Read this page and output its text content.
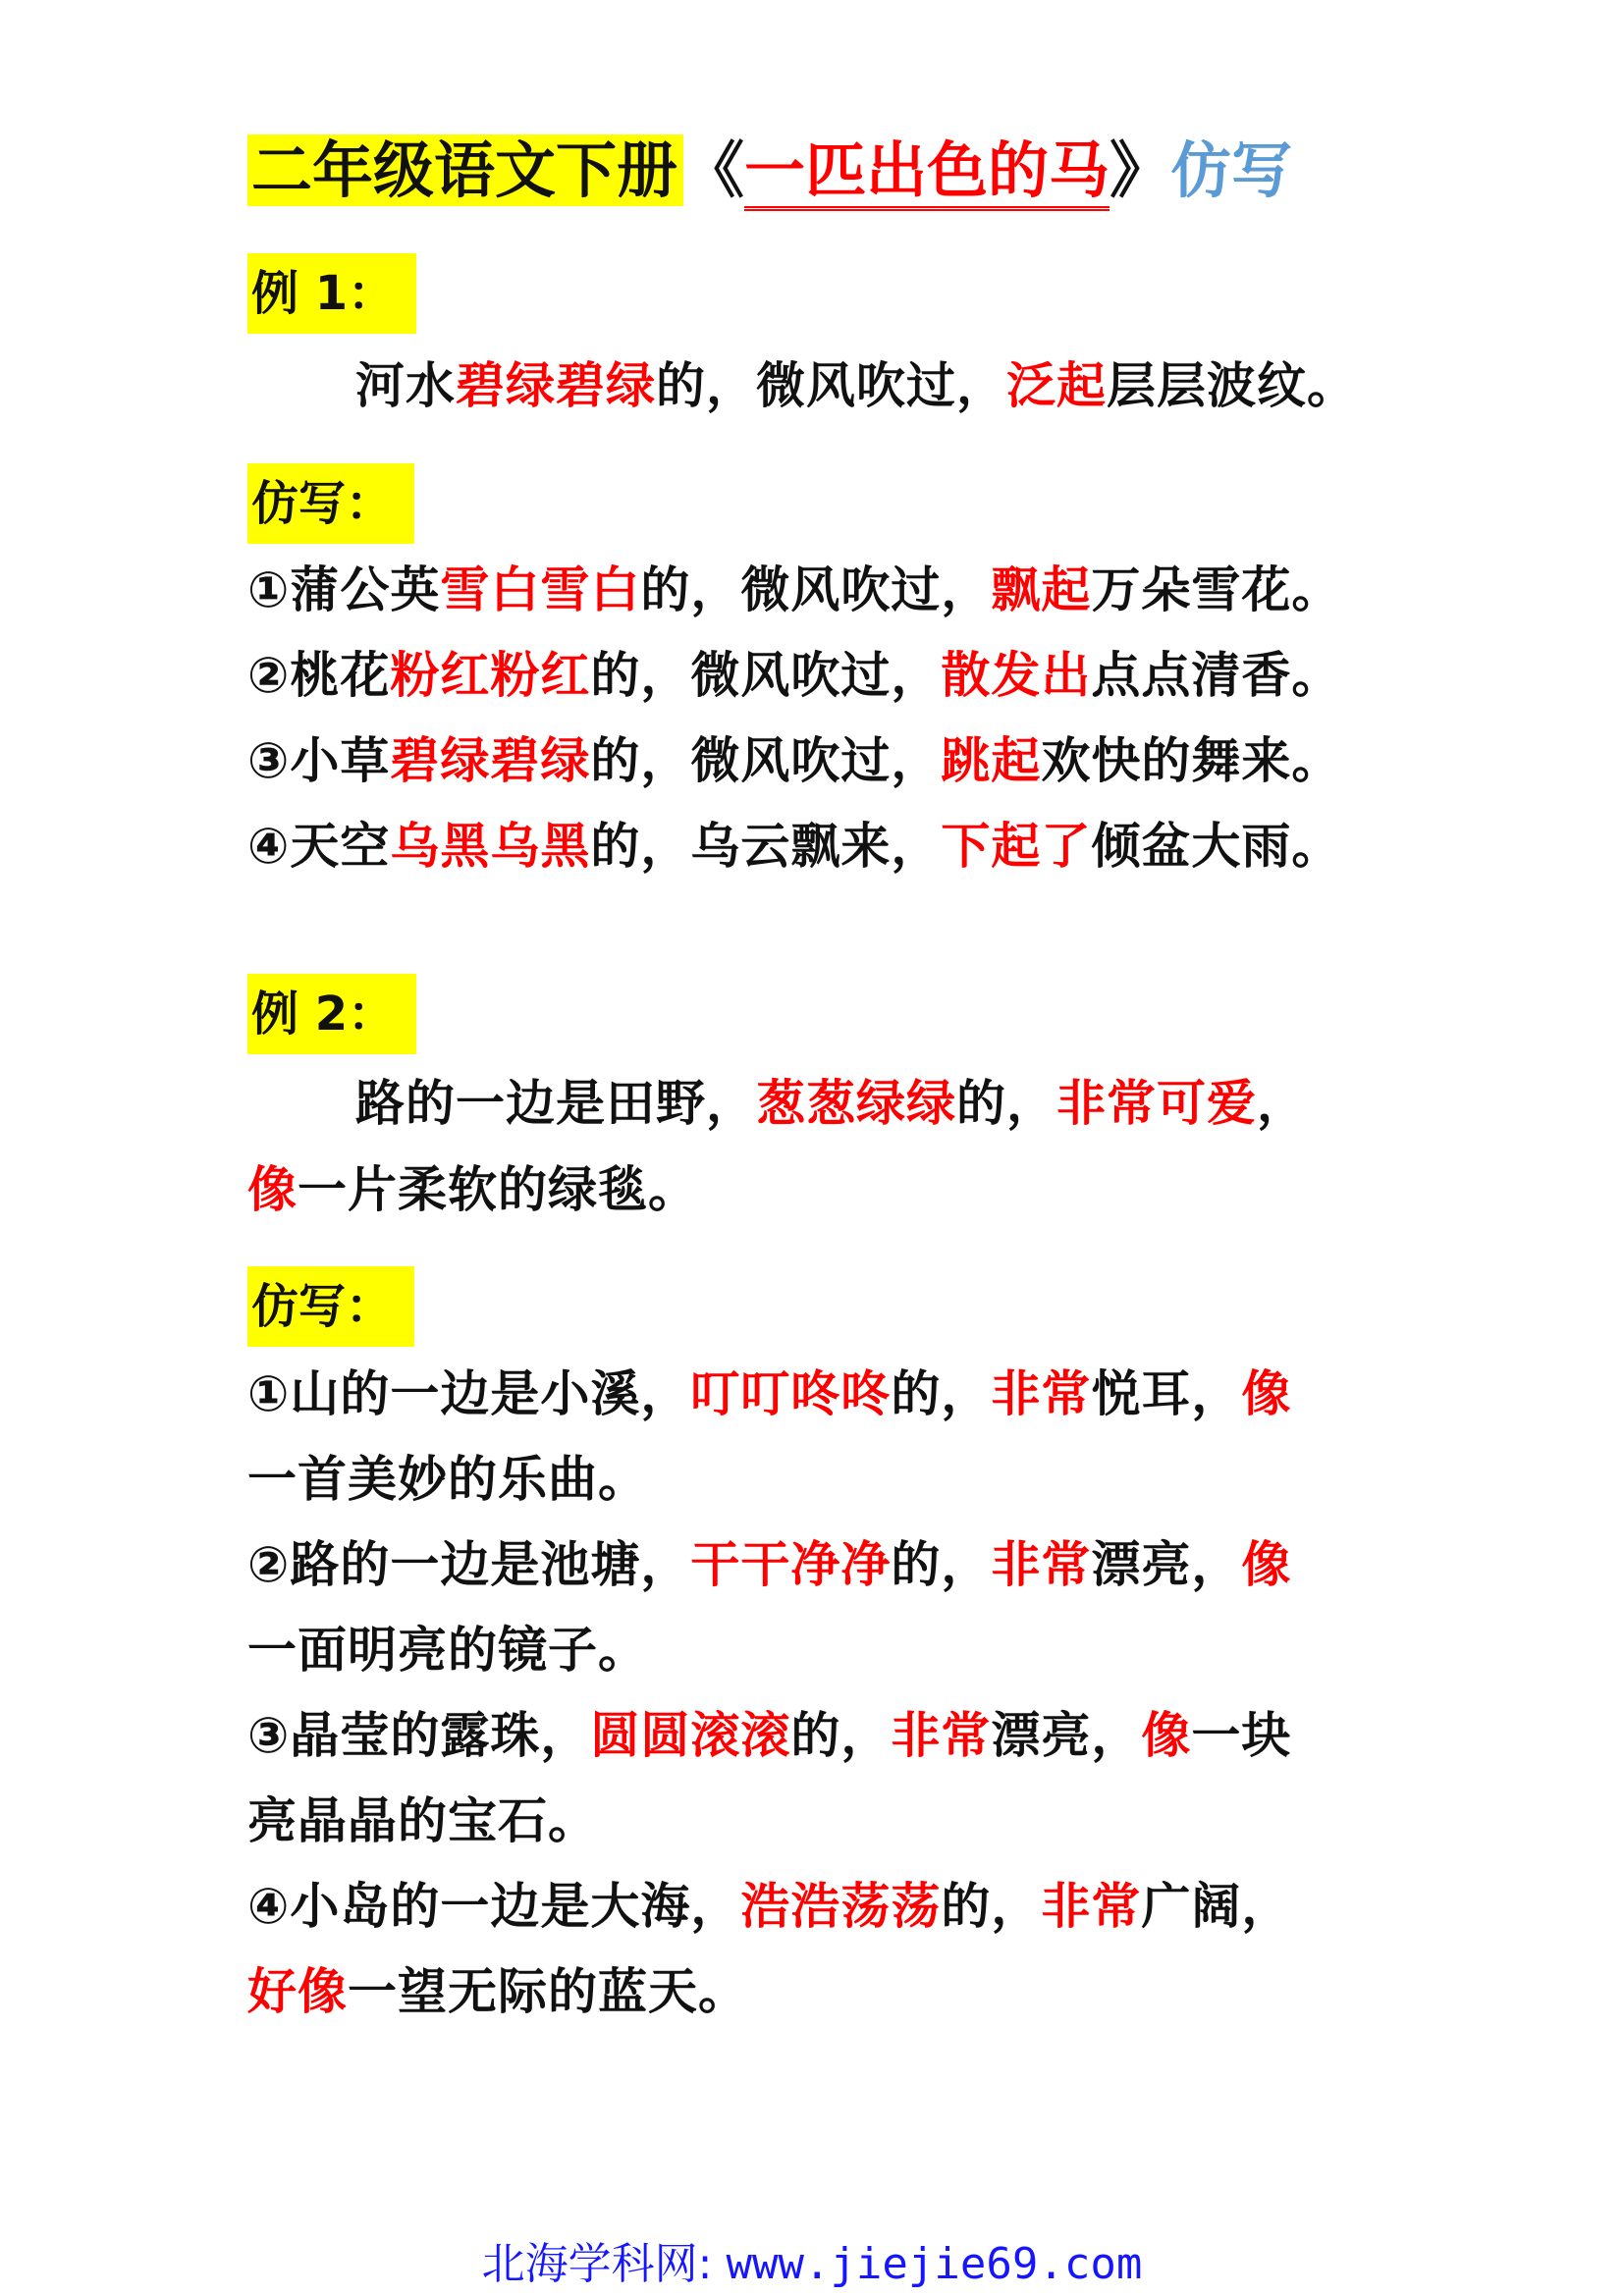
二年级语文下册《一匹出色的马》仿写
例 1：
河水碧绿碧绿的，微风吹过，泛起层层波纹。
仿写：
①蒲公英雪白雪白的，微风吹过，飘起万朵雪花。
②桃花粉红粉红的，微风吹过，散发出点点清香。
③小草碧绿碧绿的，微风吹过，跳起欢快的舞来。
④天空乌黑乌黑的，乌云飘来，下起了倾盆大雨。
例 2：
路的一边是田野，葱葱绿绿的，非常可爱，
像一片柔软的绿毯。
仿写：
①山的一边是小溪，叮叮咚咚的，非常悦耳，像
一首美妙的乐曲。
②路的一边是池塘，干干净净的，非常漂亮，像
一面明亮的镜子。
③晶莹的露珠，圆圆滚滚的，非常漂亮，像一块
亮晶晶的宝石。
④小岛的一边是大海，浩浩荡荡的，非常广阔，
好像一望无际的蓝天。
北海学科网: www.jiejie69.com
